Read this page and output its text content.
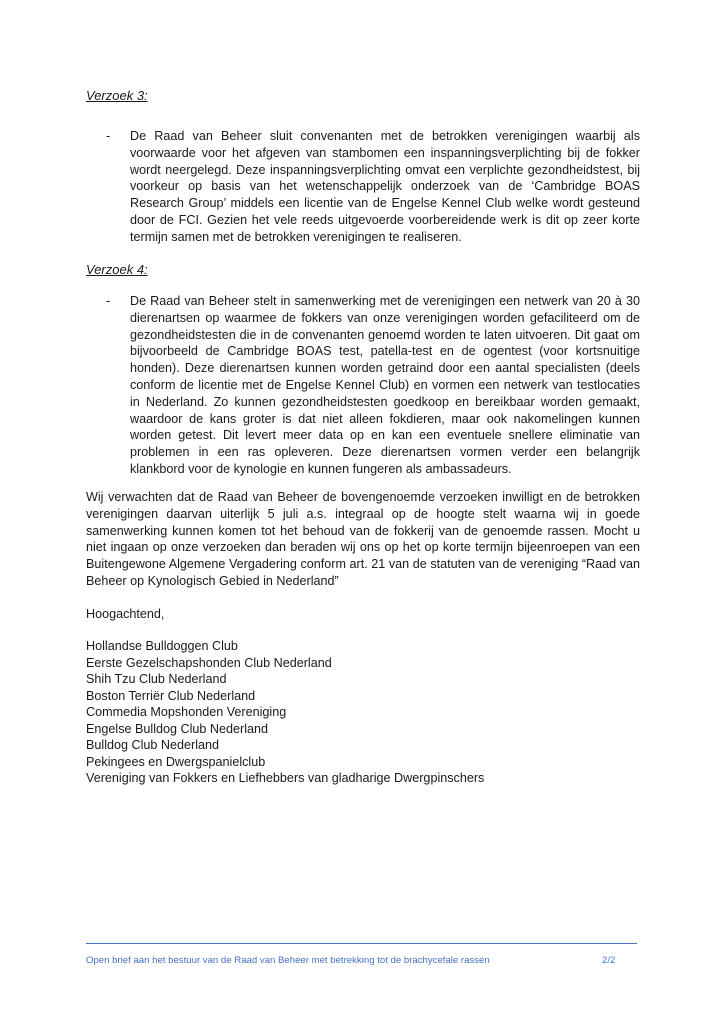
Verzoek 3:
- De Raad van Beheer sluit convenanten met de betrokken verenigingen waarbij als voorwaarde voor het afgeven van stambomen een inspanningsverplichting bij de fokker wordt neergelegd. Deze inspanningsverplichting omvat een verplichte gezondheidstest, bij voorkeur op basis van het wetenschappelijk onderzoek van de ‘Cambridge BOAS Research Group’ middels een licentie van de Engelse Kennel Club welke wordt gesteund door de FCI. Gezien het vele reeds uitgevoerde voorbereidende werk is dit op zeer korte termijn samen met de betrokken verenigingen te realiseren.

Verzoek 4:
- De Raad van Beheer stelt in samenwerking met de verenigingen een netwerk van 20 à 30 dierenartsen op waarmee de fokkers van onze verenigingen worden gefaciliteerd om de gezondheidstesten die in de convenanten genoemd worden te laten uitvoeren. Dit gaat om bijvoorbeeld de Cambridge BOAS test, patella-test en de ogentest (voor kortsnuitige honden). Deze dierenartsen kunnen worden getraind door een aantal specialisten (deels conform de licentie met de Engelse Kennel Club) en vormen een netwerk van testlocaties in Nederland. Zo kunnen gezondheidstesten goedkoop en bereikbaar worden gemaakt, waardoor de kans groter is dat niet alleen fokdieren, maar ook nakomelingen kunnen worden getest. Dit levert meer data op en kan een eventuele snellere eliminatie van problemen in een ras opleveren. Deze dierenartsen vormen verder een belangrijk klankbord voor de kynologie en kunnen fungeren als ambassadeurs.

Wij verwachten dat de Raad van Beheer de bovengenoemde verzoeken inwilligt en de betrokken verenigingen daarvan uiterlijk 5 juli a.s. integraal op de hoogte stelt waarna wij in goede samenwerking kunnen komen tot het behoud van de fokkerij van de genoemde rassen. Mocht u niet ingaan op onze verzoeken dan beraden wij ons op het op korte termijn bijeenroepen van een Buitengewone Algemene Vergadering conform art. 21 van de statuten van de vereniging “Raad van Beheer op Kynologisch Gebied in Nederland”

Hoogachtend,
Hollandse Bulldoggen Club
Eerste Gezelschapshonden Club Nederland
Shih Tzu Club Nederland
Boston Terriër Club Nederland
Commedia Mopshonden Vereniging
Engelse Bulldog Club Nederland
Bulldog Club Nederland
Pekingees en Dwergspanielclub
Vereniging van Fokkers en Liefhebbers van gladharige Dwergpinschers
Open brief aan het bestuur van de Raad van Beheer met betrekking tot de brachycefale rassen	2/2
